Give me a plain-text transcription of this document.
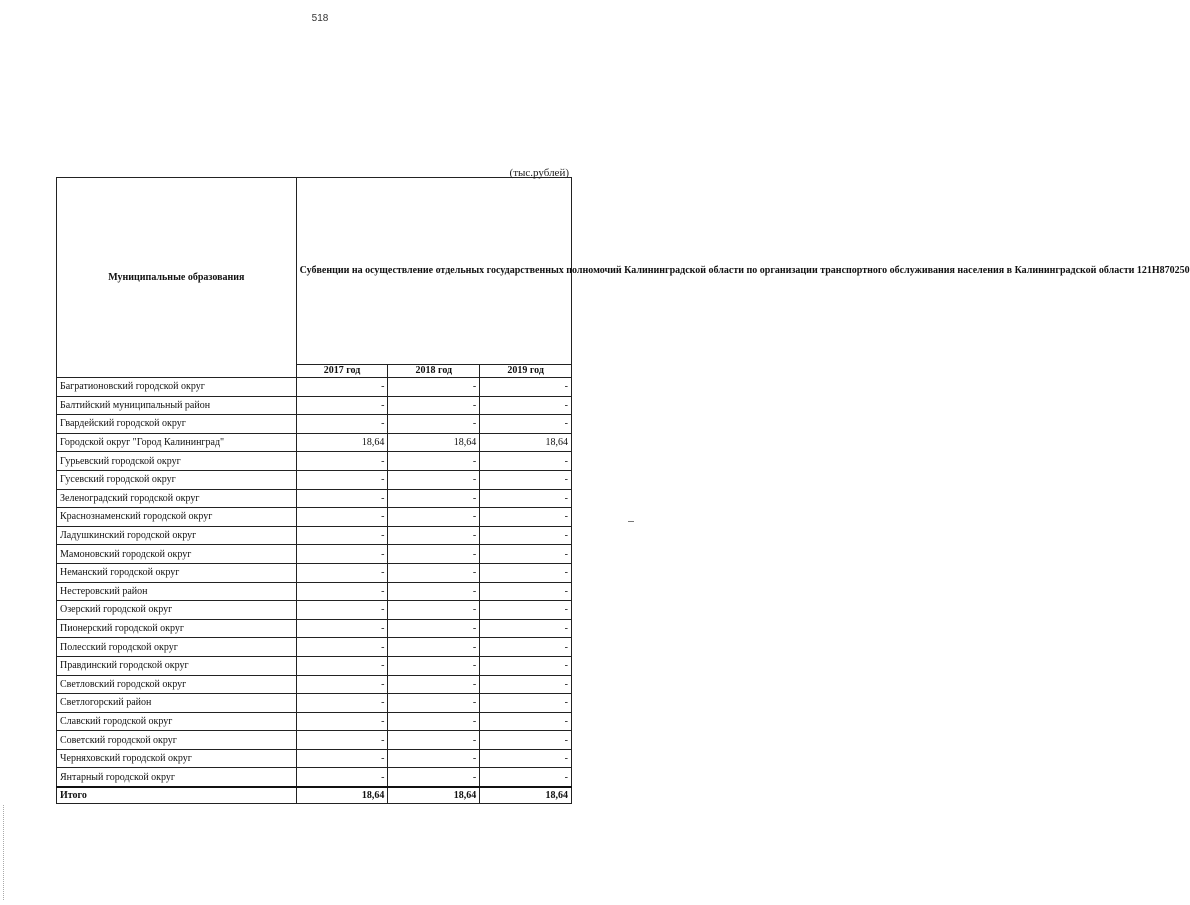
518
(тыс.рублей)
Муниципальные образования	Субвенции на осуществление отдельных государственных полномочий Калининградской области по организации транспортного обслуживания населения в Калининградской области 121Н870250		
	2017 год	2018 год	2019 год
Багратионовский городской округ	-	-	-
Балтийский муниципальный район	-	-	-
Гвардейский городской округ	-	-	-
Городской округ "Город Калининград"	18,64	18,64	18,64
Гурьевский городской округ	-	-	-
Гусевский городской округ	-	-	-
Зеленоградский городской округ	-	-	-
Краснознаменский городской округ	-	-	-
Ладушкинский городской округ	-	-	-
Мамоновский городской округ	-	-	-
Неманский городской округ	-	-	-
Нестеровский район	-	-	-
Озерский городской округ	-	-	-
Пионерский городской округ	-	-	-
Полесский городской округ	-	-	-
Правдинский городской округ	-	-	-
Светловский городской округ	-	-	-
Светлогорский район	-	-	-
Славский городской округ	-	-	-
Советский городской округ	-	-	-
Черняховский городской округ	-	-	-
Янтарный городской округ	-	-	-
Итого	18,64	18,64	18,64
